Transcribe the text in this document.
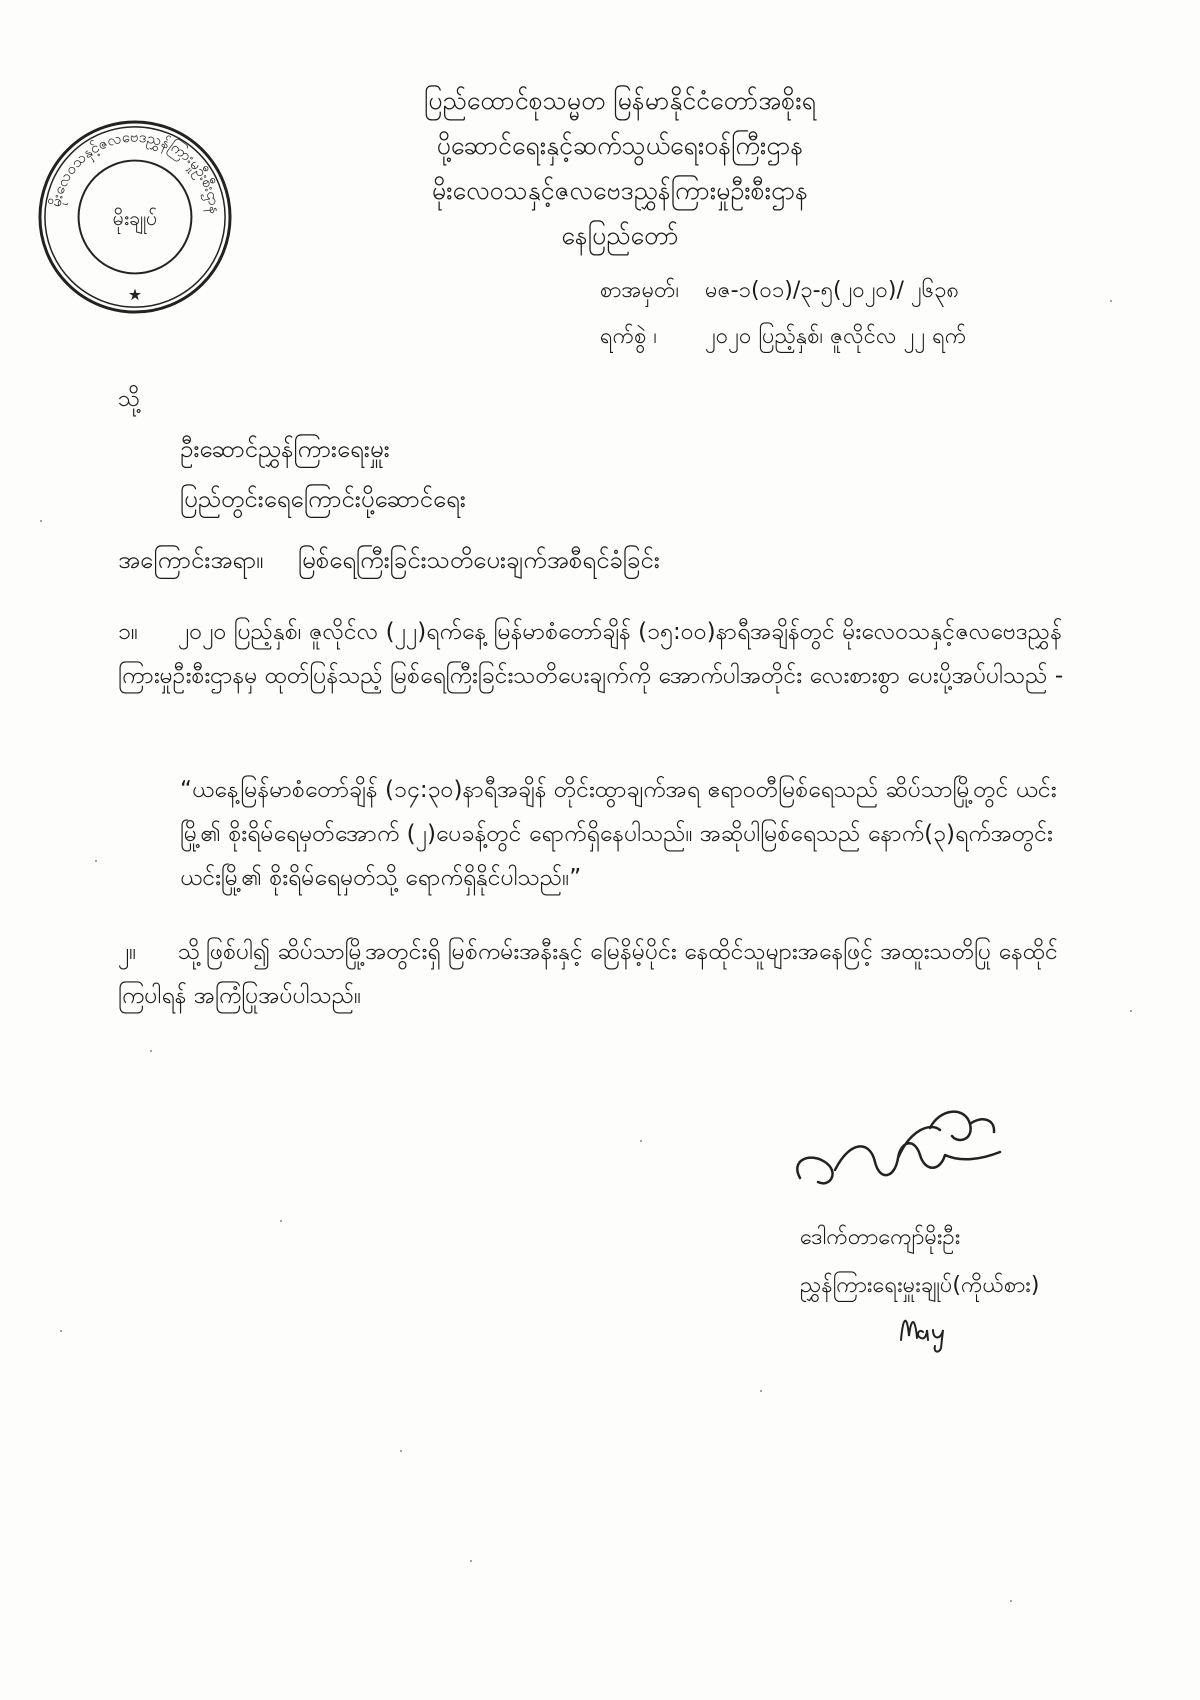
မိုးလေဝသနှင့်ဇလဗေဒညွှန်ကြားမှုဦးစီးဌာန
မိုးချုပ်
★
ပြည်ထောင်စုသမ္မတ မြန်မာနိုင်ငံတော်အစိုးရ
ပို့ဆောင်ရေးနှင့်ဆက်သွယ်ရေးဝန်ကြီးဌာန
မိုးလေဝသနှင့်ဇလဗေဒညွှန်ကြားမှုဦးစီးဌာန
နေပြည်တော်
စာအမှတ်၊ မဇ-၁(၀၁)/၃-၅(၂၀၂၀)/ ၂၆၃၈
ရက်စွဲ ၊ ၂၀၂၀ ပြည့်နှစ်၊ ဇူလိုင်လ ၂၂ ရက်
သို့
ဦးဆောင်ညွှန်ကြားရေးမှူး
ပြည်တွင်းရေကြောင်းပို့ဆောင်ရေး
အကြောင်းအရာ။ မြစ်ရေကြီးခြင်းသတိပေးချက်အစီရင်ခံခြင်း
၁။ ၂၀၂၀ ပြည့်နှစ်၊ ဇူလိုင်လ (၂၂)ရက်နေ့ မြန်မာစံတော်ချိန် (၁၅:၀၀)နာရီအချိန်တွင် မိုးလေဝသနှင့်ဇလဗေဒညွှန်ကြားမှုဦးစီးဌာနမှ ထုတ်ပြန်သည့် မြစ်ရေကြီးခြင်းသတိပေးချက်ကို အောက်ပါအတိုင်း လေးစားစွာ ပေးပို့အပ်ပါသည် -
“ယနေ့မြန်မာစံတော်ချိန် (၁၄:၃၀)နာရီအချိန် တိုင်းထွာချက်အရ ဧရာဝတီမြစ်ရေသည် ဆိပ်သာမြို့တွင် ယင်းမြို့၏ စိုးရိမ်ရေမှတ်အောက် (၂)ပေခန့်တွင် ရောက်ရှိနေပါသည်။ အဆိုပါမြစ်ရေသည် နောက်(၃)ရက်အတွင်း ယင်းမြို့၏ စိုးရိမ်ရေမှတ်သို့ ရောက်ရှိနိုင်ပါသည်။”
၂။ သို့ဖြစ်ပါ၍ ဆိပ်သာမြို့အတွင်းရှိ မြစ်ကမ်းအနီးနှင့် မြေနိမ့်ပိုင်း နေထိုင်သူများအနေဖြင့် အထူးသတိပြု နေထိုင်ကြပါရန် အကြံပြုအပ်ပါသည်။
ဒေါက်တာကျော်မိုးဦး
ညွှန်ကြားရေးမှူးချုပ်(ကိုယ်စား)
